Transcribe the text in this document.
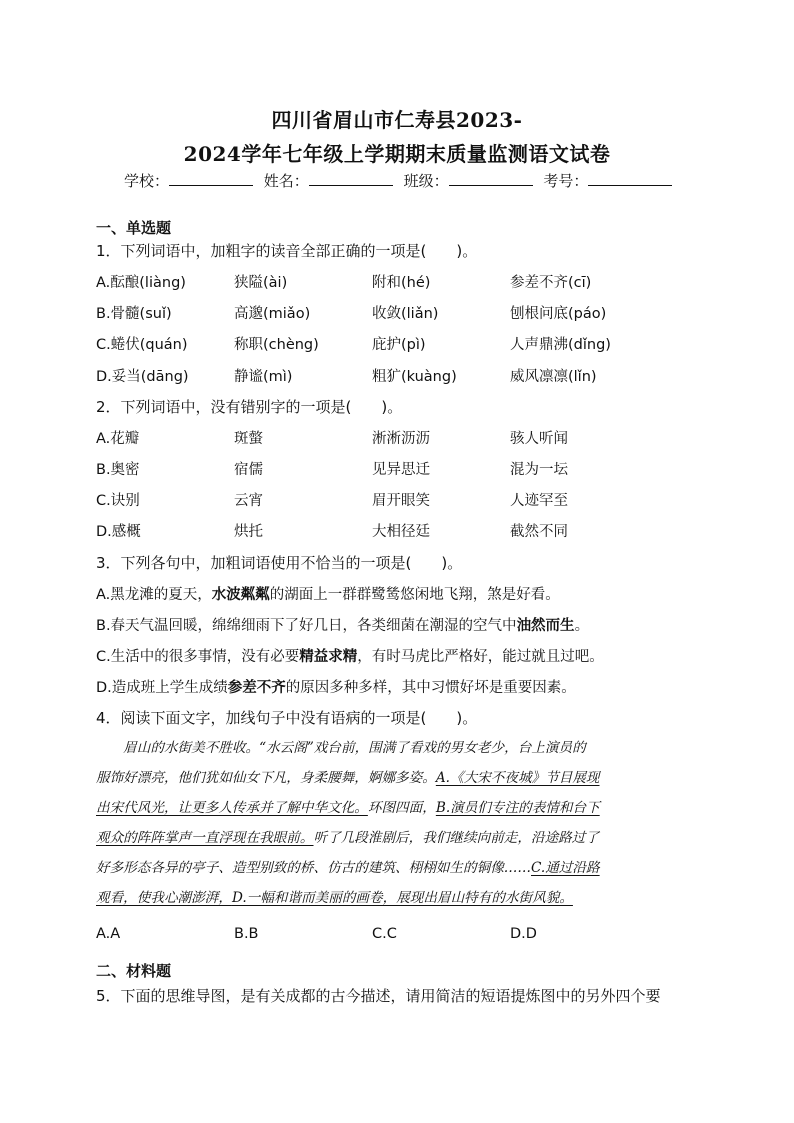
四川省眉山市仁寿县2023-
2024学年七年级上学期期末质量监测语文试卷
学校：	姓名：	班级：	考号：
一、单选题
1．下列词语中，加粗字的读音全部正确的一项是(　　)。
A.酝酿(liàng)	狭隘(ài)	附和(hé)	参差不齐(cī)
B.骨髓(suǐ)	高邈(miǎo)	收敛(liǎn)	刨根问底(páo)
C.蜷伏(quán)	称职(chèng)	庇护(pì)	人声鼎沸(dǐng)
D.妥当(dāng)	静谧(mì)	粗犷(kuàng)	威风凛凛(lǐn)
2．下列词语中，没有错别字的一项是(　　)。
A.花瓣	斑螫	淅淅沥沥	骇人听闻
B.奥密	宿儒	见异思迁	混为一坛
C.诀别	云宵	眉开眼笑	人迹罕至
D.感概	烘托	大相径廷	截然不同
3．下列各句中，加粗词语使用不恰当的一项是(　　)。
A.黑龙滩的夏天，水波粼粼的湖面上一群群鹭鸶悠闲地飞翔，煞是好看。
B.春天气温回暖，绵绵细雨下了好几日，各类细菌在潮湿的空气中油然而生。
C.生活中的很多事情，没有必要精益求精，有时马虎比严格好，能过就且过吧。
D.造成班上学生成绩参差不齐的原因多种多样，其中习惯好坏是重要因素。
4．阅读下面文字，加线句子中没有语病的一项是(　　)。
　　眉山的水街美不胜收。“水云阁”戏台前，围满了看戏的男女老少，台上演员的
服饰好漂亮，他们犹如仙女下凡，身柔腰舞，婀娜多姿。A.《大宋不夜城》节目展现
出宋代风光，让更多人传承并了解中华文化。环图四面，B.演员们专注的表情和台下
观众的阵阵掌声一直浮现在我眼前。听了几段淮剧后，我们继续向前走，沿途路过了
好多形态各异的亭子、造型别致的桥、仿古的建筑、栩栩如生的铜像……C.通过沿路
观看，使我心潮澎湃，D.一幅和谐而美丽的画卷，展现出眉山特有的水街风貌。
A.A	B.B	C.C	D.D
二、材料题
5．下面的思维导图，是有关成都的古今描述，请用简洁的短语提炼图中的另外四个要
